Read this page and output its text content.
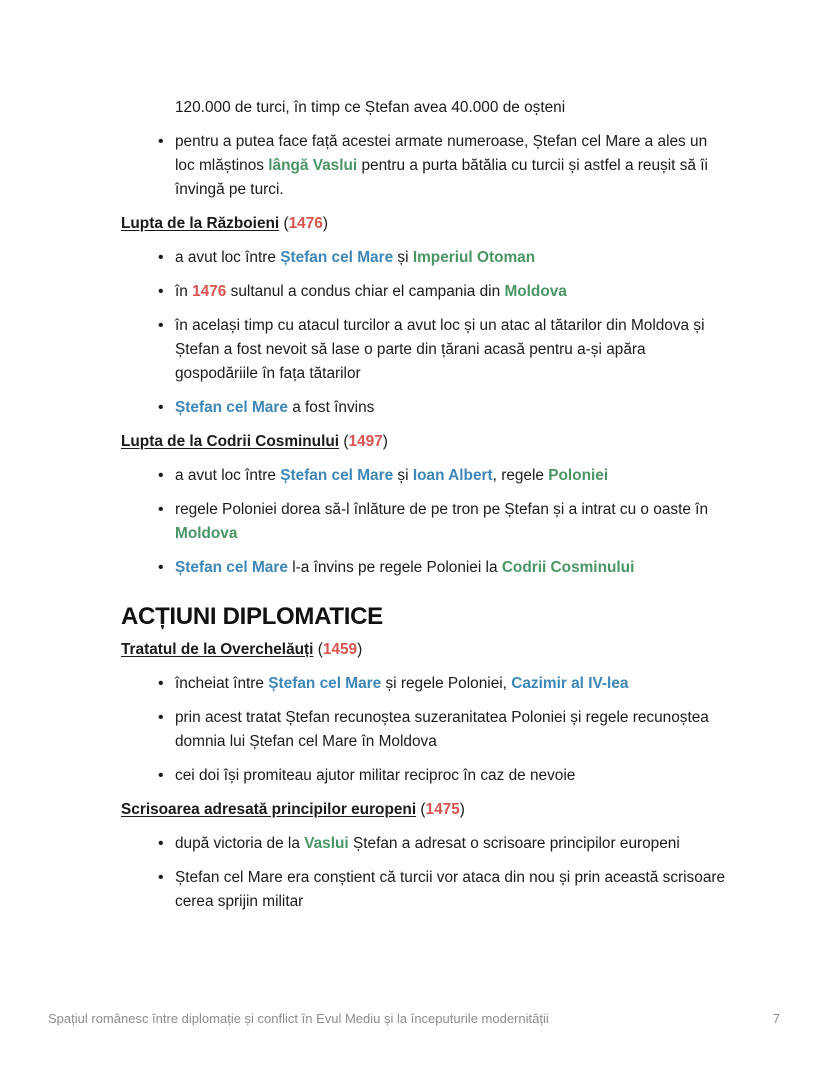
120.000 de turci, în timp ce Ștefan avea 40.000 de oșteni

• pentru a putea face față acestei armate numeroase, Ștefan cel Mare a ales un loc mlăștinos lângă Vaslui pentru a purta bătălia cu turcii și astfel a reușit să îi învingă pe turci.

Lupta de la Războieni (1476)

• a avut loc între Ștefan cel Mare și Imperiul Otoman
• în 1476 sultanul a condus chiar el campania din Moldova
• în același timp cu atacul turcilor a avut loc și un atac al tătarilor din Moldova și Ștefan a fost nevoit să lase o parte din țărani acasă pentru a-și apăra gospodăriile în fața tătarilor
• Ștefan cel Mare a fost învins

Lupta de la Codrii Cosminului (1497)

• a avut loc între Ștefan cel Mare și Ioan Albert, regele Poloniei
• regele Poloniei dorea să-l înlăture de pe tron pe Ștefan și a intrat cu o oaste în Moldova
• Ștefan cel Mare l-a învins pe regele Poloniei la Codrii Cosminului
ACȚIUNI DIPLOMATICE

Tratatul de la Overchelăuți (1459)

• încheiat între Ștefan cel Mare și regele Poloniei, Cazimir al IV-lea
• prin acest tratat Ștefan recunoștea suzeranitatea Poloniei și regele recunoștea domnia lui Ștefan cel Mare în Moldova
• cei doi își promiteau ajutor militar reciproc în caz de nevoie

Scrisoarea adresată principilor europeni (1475)

• după victoria de la Vaslui Ștefan a adresat o scrisoare principilor europeni
• Ștefan cel Mare era conștient că turcii vor ataca din nou și prin această scrisoare cerea sprijin militar
Spațiul românesc între diplomație și conflict în Evul Mediu și la începuturile modernității	7
